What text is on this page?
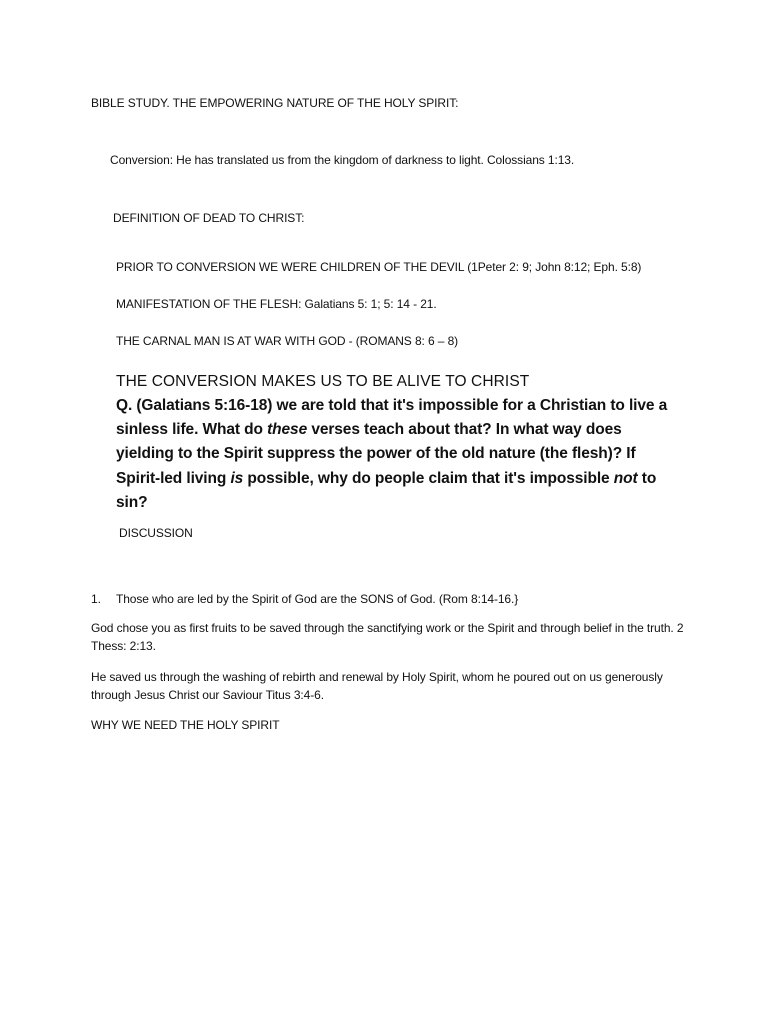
BIBLE STUDY. THE EMPOWERING NATURE OF THE HOLY SPIRIT:
Conversion: He has translated us from the kingdom of darkness to light. Colossians 1:13.
DEFINITION OF DEAD TO CHRIST:
PRIOR TO CONVERSION WE WERE CHILDREN OF THE DEVIL (1Peter 2: 9; John 8:12; Eph. 5:8)
MANIFESTATION OF THE FLESH: Galatians 5: 1; 5: 14 - 21.
THE CARNAL MAN IS AT WAR WITH GOD - (ROMANS 8: 6 – 8)
THE CONVERSION MAKES US TO BE ALIVE TO CHRIST
Q. (Galatians 5:16-18) we are told that it's impossible for a Christian to live a sinless life. What do these verses teach about that? In what way does yielding to the Spirit suppress the power of the old nature (the flesh)? If Spirit-led living is possible, why do people claim that it's impossible not to sin?
DISCUSSION
1. Those who are led by the Spirit of God are the SONS of God. (Rom 8:14-16.}
God chose you as first fruits to be saved through the sanctifying work or the Spirit and through belief in the truth. 2 Thess: 2:13.
He saved us through the washing of rebirth and renewal by Holy Spirit, whom he poured out on us generously through Jesus Christ our Saviour Titus 3:4-6.
WHY WE NEED THE HOLY SPIRIT
